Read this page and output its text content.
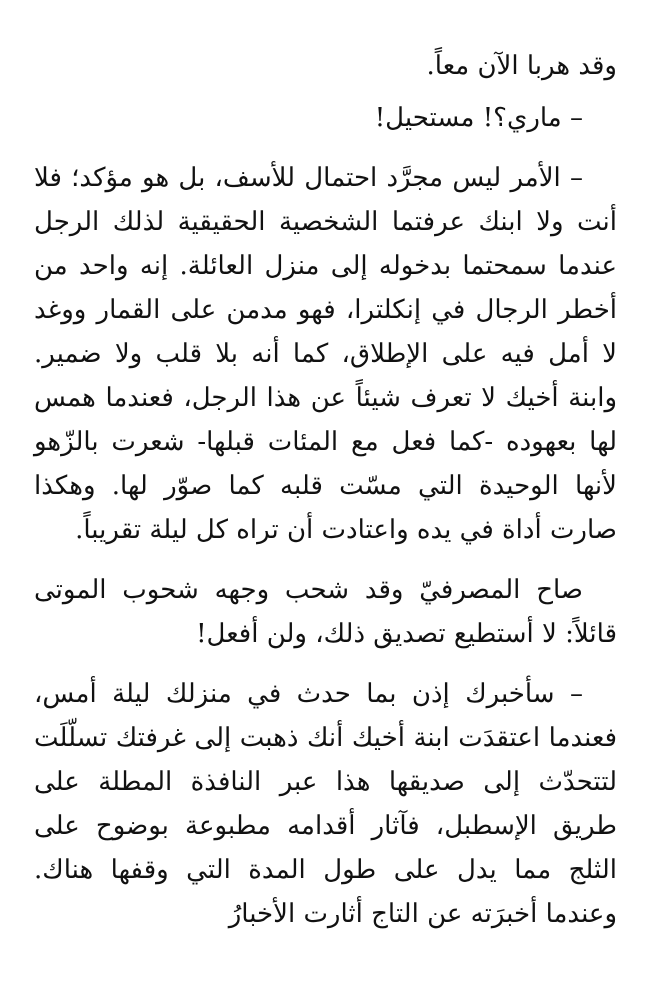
وقد هربا الآن معاً.

– ماري؟! مستحيل!

– الأمر ليس مجرَّد احتمال للأسف، بل هو مؤكد؛ فلا أنت ولا ابنك عرفتما الشخصية الحقيقية لذلك الرجل عندما سمحتما بدخوله إلى منزل العائلة. إنه واحد من أخطر الرجال في إنكلترا، فهو مدمن على القمار ووغد لا أمل فيه على الإطلاق، كما أنه بلا قلب ولا ضمير. وابنة أخيك لا تعرف شيئاً عن هذا الرجل، فعندما همس لها بعهوده -كما فعل مع المئات قبلها- شعرت بالزّهو لأنها الوحيدة التي مسّت قلبه كما صوّر لها. وهكذا صارت أداة في يده واعتادت أن تراه كل ليلة تقريباً.

صاح المصرفيّ وقد شحب وجهه شحوب الموتى قائلاً: لا أستطيع تصديق ذلك، ولن أفعل!

– سأخبرك إذن بما حدث في منزلك ليلة أمس، فعندما اعتقدَت ابنة أخيك أنك ذهبت إلى غرفتك تسلّلَت لتتحدّث إلى صديقها هذا عبر النافذة المطلة على طريق الإسطبل، فآثار أقدامه مطبوعة بوضوح على الثلج مما يدل على طول المدة التي وقفها هناك. وعندما أخبرَته عن التاج أثارت الأخبارُ
